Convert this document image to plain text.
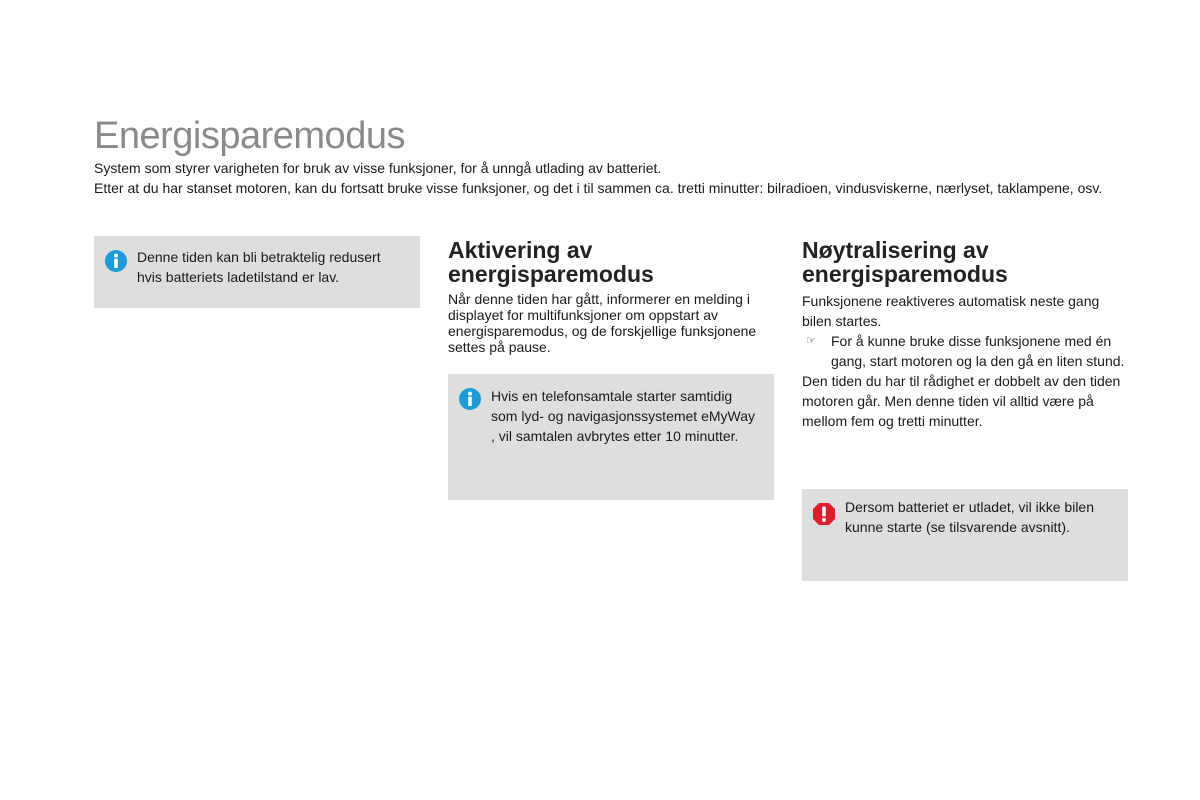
Energisparemodus

System som styrer varigheten for bruk av visse funksjoner, for å unngå utlading av batteriet.

Etter at du har stanset motoren, kan du fortsatt bruke visse funksjoner, og det i til sammen ca. tretti minutter: bilradioen, vindusviskerne, nærlyset, taklampene, osv.

Denne tiden kan bli betraktelig redusert hvis batteriets ladetilstand er lav.
Aktivering av energisparemodus

Når denne tiden har gått, informerer en melding i displayet for multifunksjoner om oppstart av energisparemodus, og de forskjellige funksjonene settes på pause.

Hvis en telefonsamtale starter samtidig som lyd- og navigasjonssystemet eMyWay , vil samtalen avbrytes etter 10 minutter.
Nøytralisering av energisparemodus

Funksjonene reaktiveres automatisk neste gang bilen startes.

☞ For å kunne bruke disse funksjonene med én gang, start motoren og la den gå en liten stund.

Den tiden du har til rådighet er dobbelt av den tiden motoren går. Men denne tiden vil alltid være på mellom fem og tretti minutter.

Dersom batteriet er utladet, vil ikke bilen kunne starte (se tilsvarende avsnitt).
